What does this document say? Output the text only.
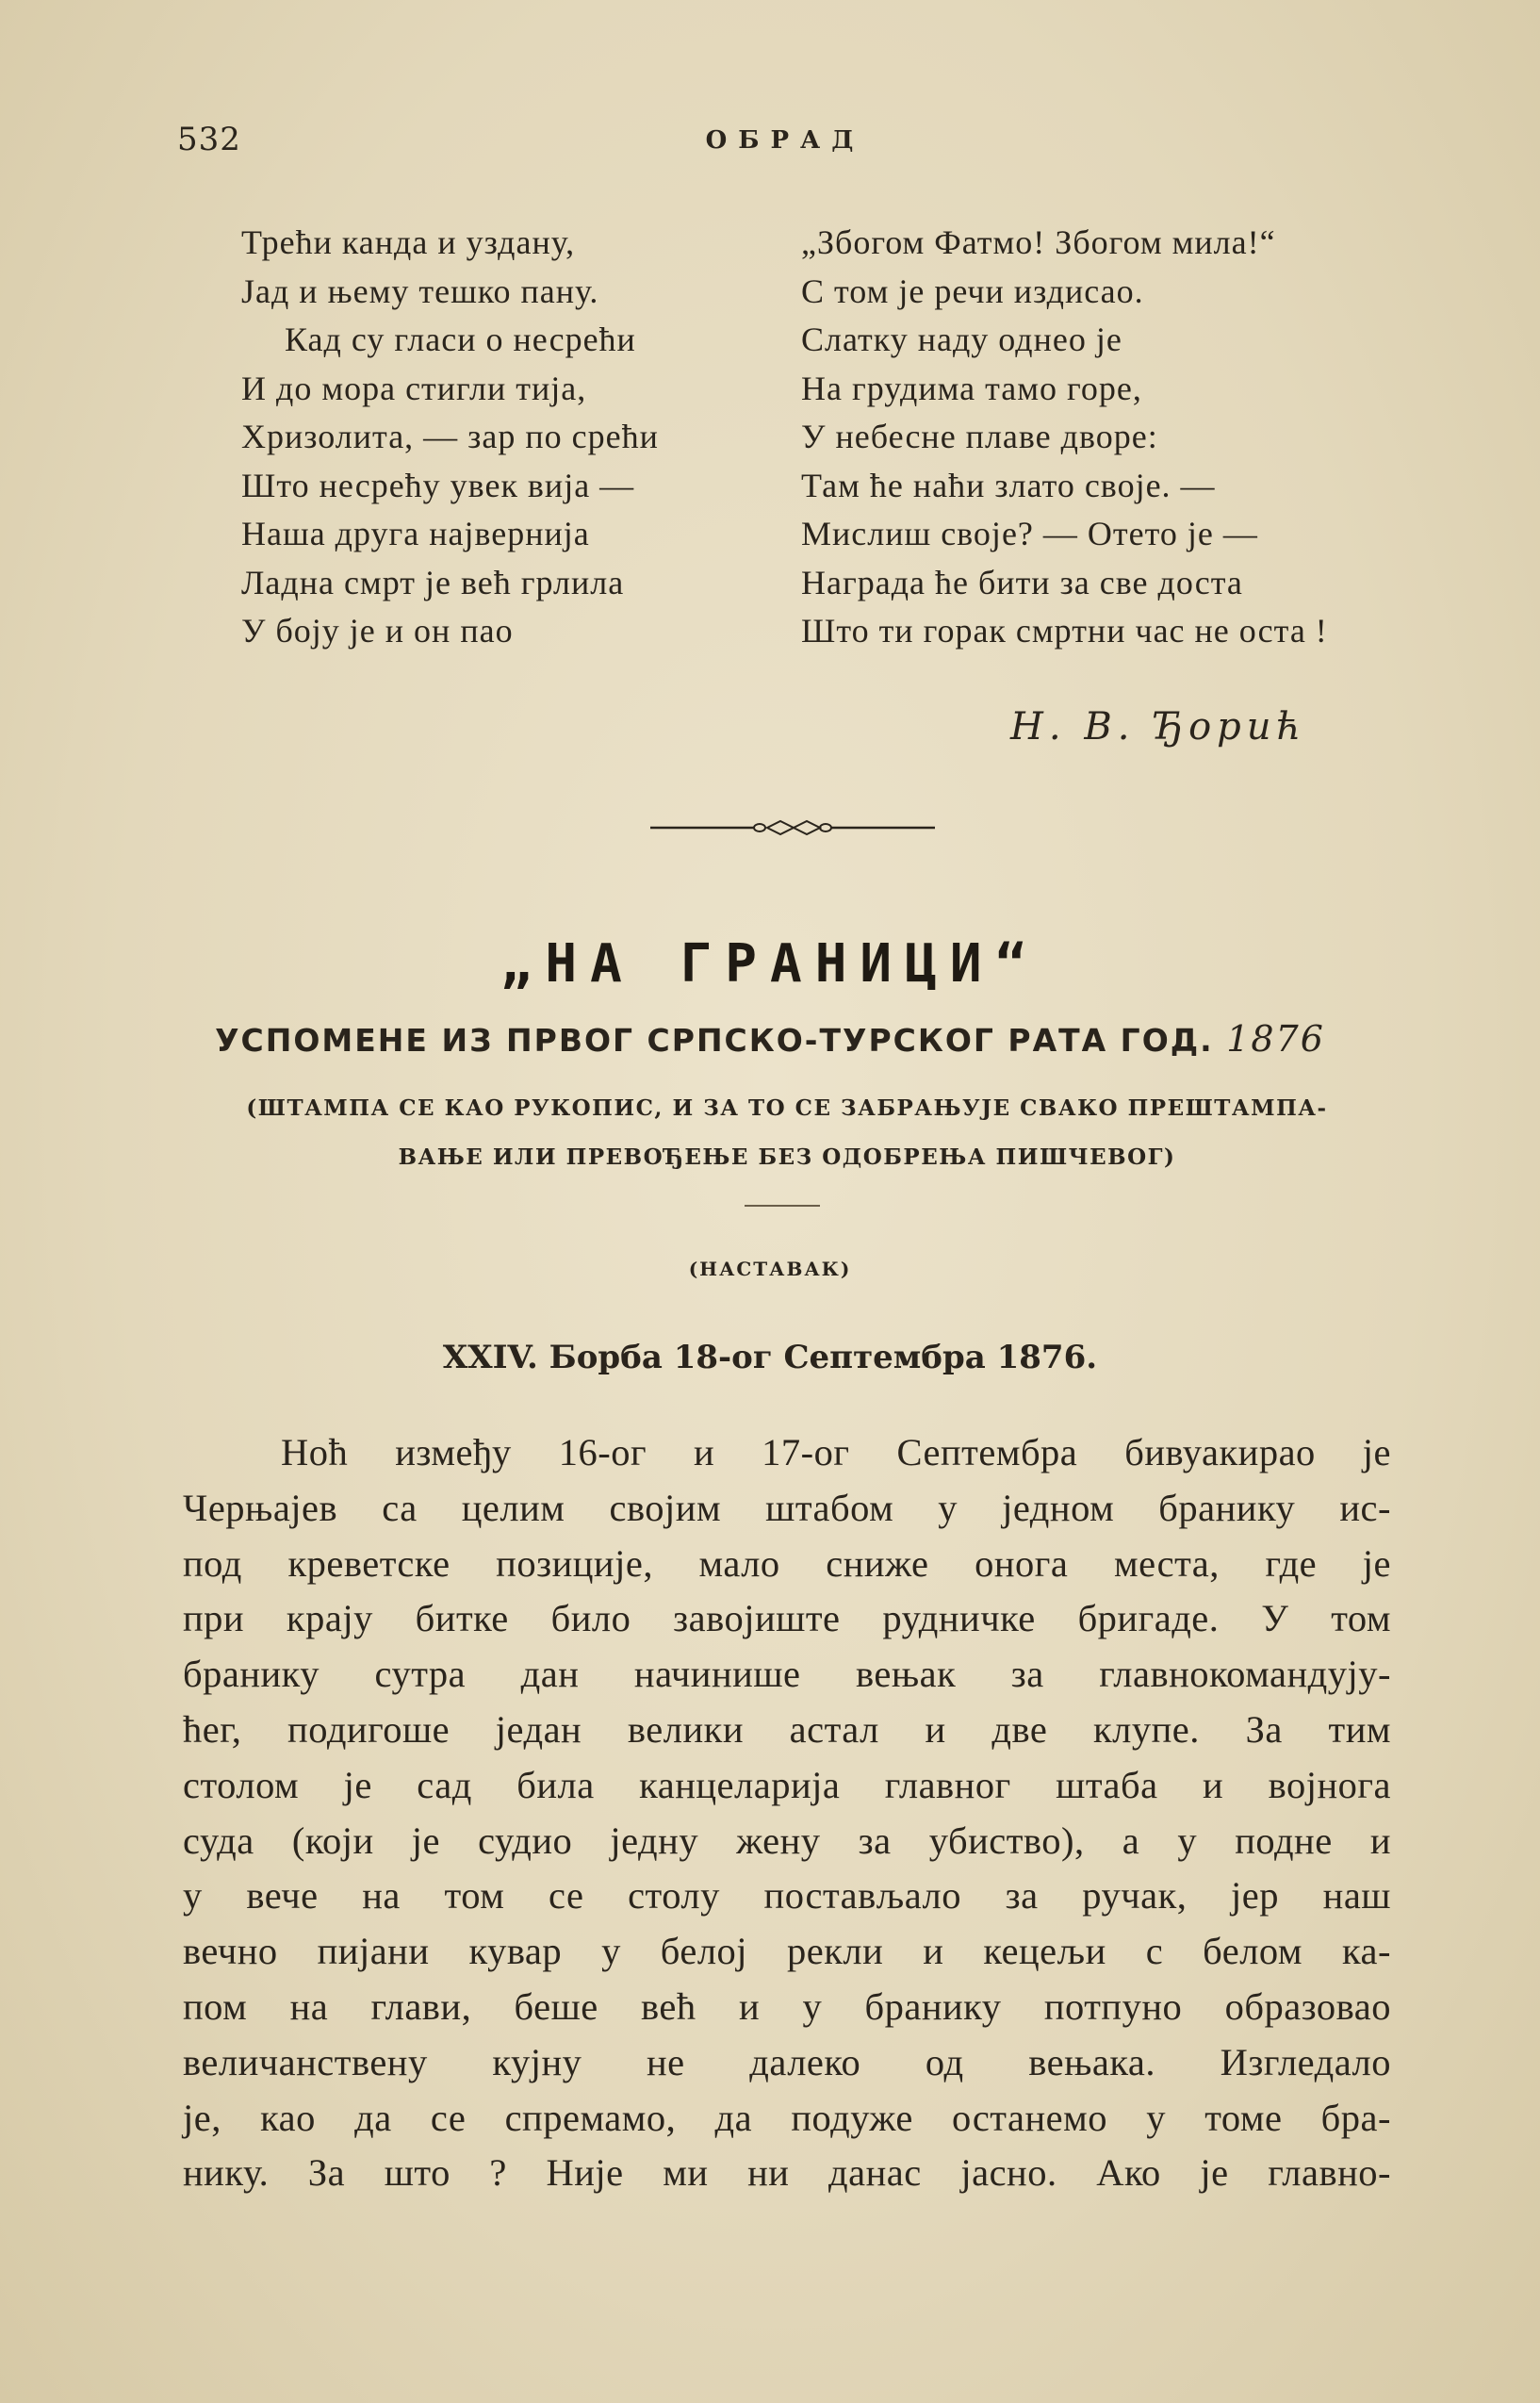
532	ОБРАД
Трећи канда и уздану,
Јад и њему тешко пану.
Кад су гласи о несрећи
И до мора стигли тија,
Хризолита, — зар по срећи
Што несрећу увек вија —
Наша друга највернија
Ладна смрт је већ грлила
У боју је и он пао
„Збогом Фатмо! Збогом мила!“
С том је речи издисао.
Слатку наду однео је
На грудима тамо горе,
У небесне плаве дворе:
Там ће наћи злато своје. —
Мислиш своје? — Отето је —
Награда ће бити за све доста
Што ти горак смртни час не оста !
Н. В. Ђорић
„НА ГРАНИЦИ“
УСПОМЕНЕ ИЗ ПРВОГ СРПСКО-ТУРСКОГ РАТА ГОД. 1876
(ШТАМПА СЕ КАО РУКОПИС, И ЗА ТО СЕ ЗАБРАЊУЈЕ СВАКО ПРЕШТАМПА-
ВАЊЕ ИЛИ ПРЕВОЂЕЊЕ БЕЗ ОДОБРЕЊА ПИШЧЕВОГ)
(НАСТАВАК)
XXIV. Борба 18-ог Септембра 1876.
Ноћ између 16-ог и 17-ог Септембра бивуакирао је
Черњајев са целим својим штабом у једном бранику ис-
под креветске позиције, мало сниже онога места, где је
при крају битке било завојиште рудничке бригаде. У том
бранику сутра дан начинише вењак за главнокомандују-
ћег, подигоше један велики астал и две клупе. За тим
столом је сад била канцеларија главног штаба и војнога
суда (који је судио једну жену за убиство), а у подне и
у вече на том се столу постављало за ручак, јер наш
вечно пијани кувар у белој рекли и кецељи с белом ка-
пом на глави, беше већ и у бранику потпуно образовао
величанствену кујну не далеко од вењака. Изгледало
је, као да се спремамо, да подуже останемо у томе бра-
нику. За што ? Није ми ни данас јасно. Ако је главно-
